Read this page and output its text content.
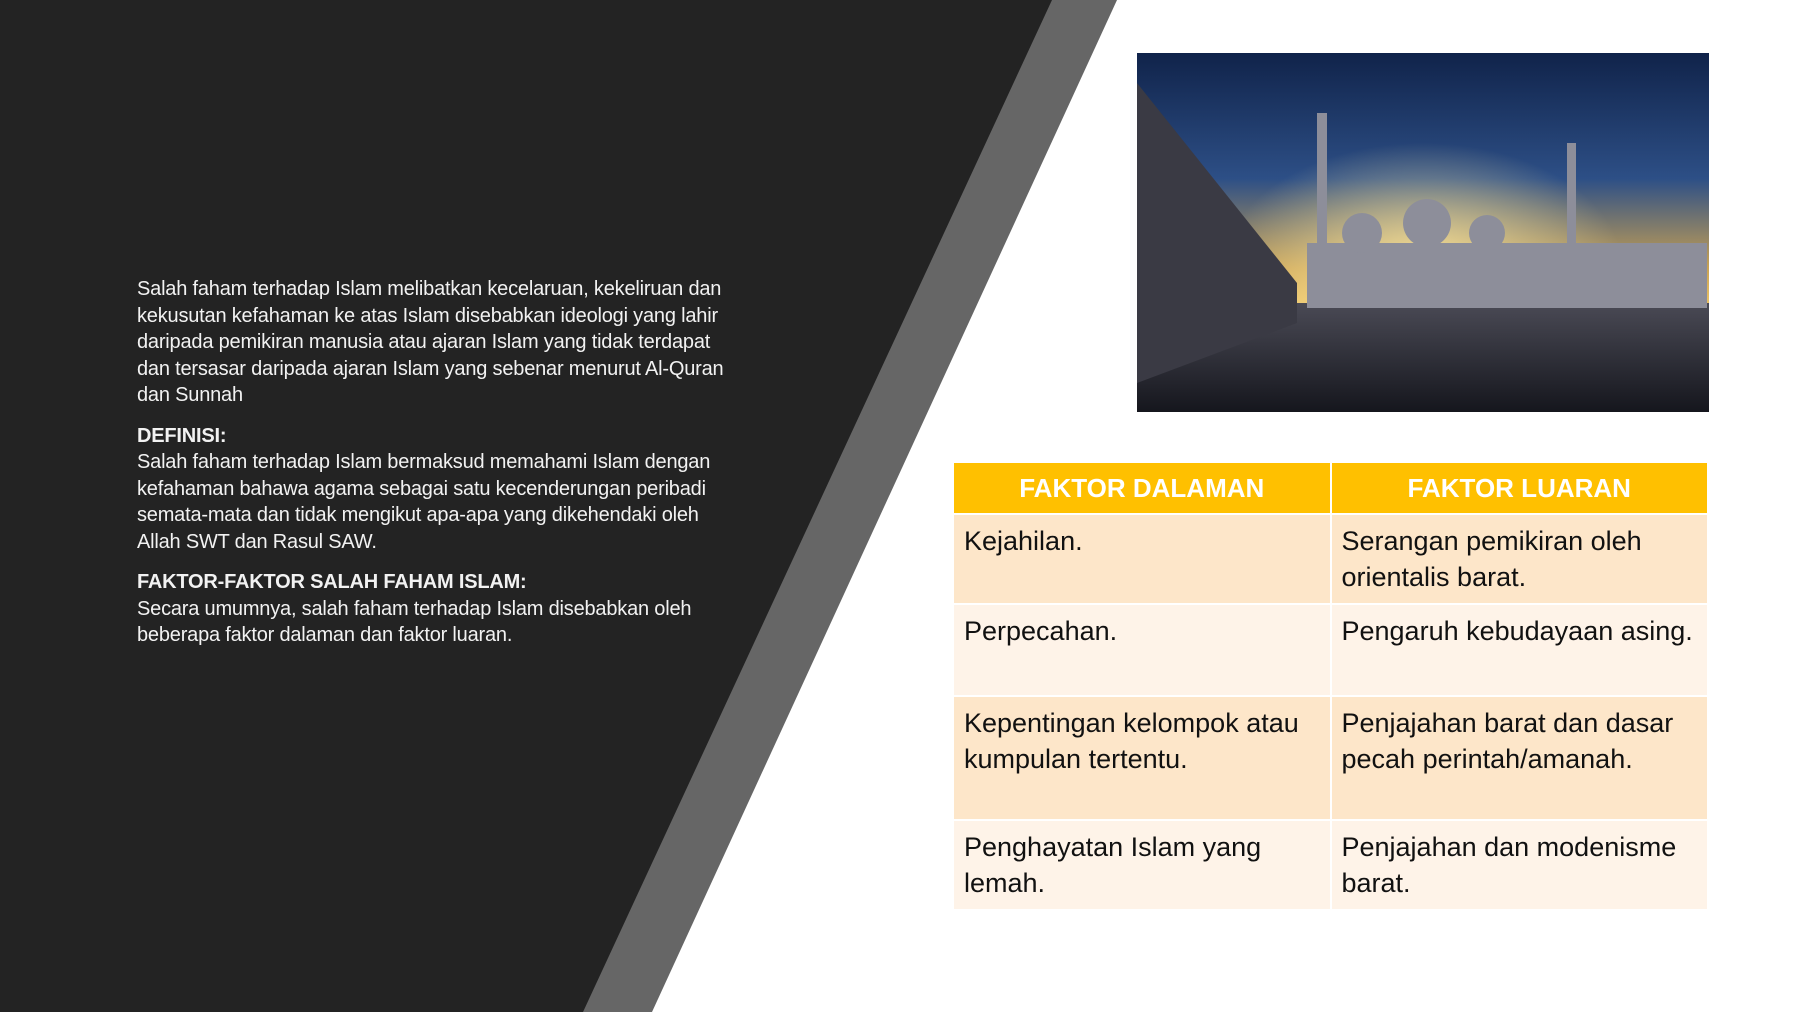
Salah faham terhadap Islam melibatkan kecelaruan, kekeliruan dan kekusutan kefahaman ke atas Islam disebabkan ideologi yang lahir daripada pemikiran manusia atau ajaran Islam yang tidak terdapat dan tersasar daripada ajaran Islam yang sebenar menurut Al-Quran dan Sunnah

DEFINISI:
Salah faham terhadap Islam bermaksud memahami Islam dengan kefahaman bahawa agama sebagai satu kecenderungan peribadi semata-mata dan tidak mengikut apa-apa yang dikehendaki oleh Allah SWT dan Rasul SAW.

FAKTOR-FAKTOR SALAH FAHAM ISLAM:
Secara umumnya, salah faham terhadap Islam disebabkan oleh beberapa faktor dalaman dan faktor luaran.

FAKTOR DALAMAN	FAKTOR LUARAN
Kejahilan.	Serangan pemikiran oleh orientalis barat.
Perpecahan.	Pengaruh kebudayaan asing.
Kepentingan kelompok atau kumpulan tertentu.	Penjajahan barat dan dasar pecah perintah/amanah.
Penghayatan Islam yang lemah.	Penjajahan dan modenisme barat.
